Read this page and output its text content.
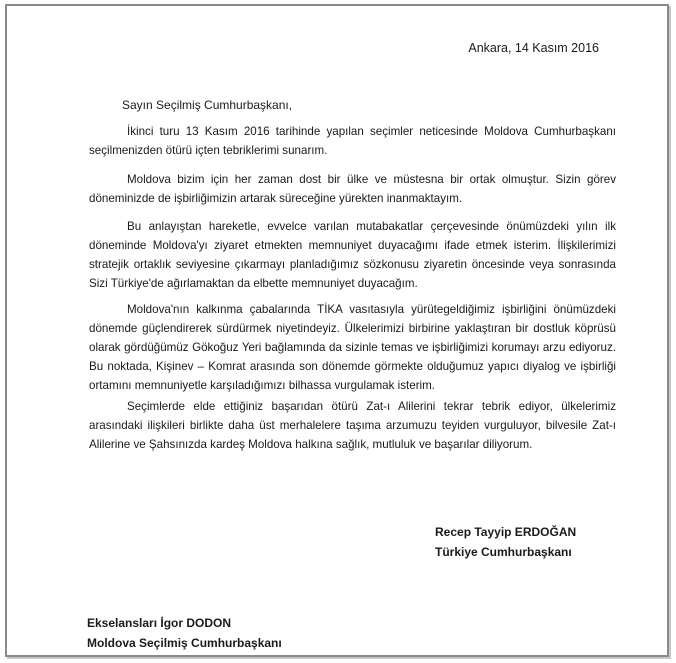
Ankara, 14 Kasım 2016
Sayın Seçilmiş Cumhurbaşkanı,

İkinci turu 13 Kasım 2016 tarihinde yapılan seçimler neticesinde Moldova Cumhurbaşkanı seçilmenizden ötürü içten tebriklerimi sunarım.

Moldova bizim için her zaman dost bir ülke ve müstesna bir ortak olmuştur. Sizin görev döneminizde de işbirliğimizin artarak süreceğine yürekten inanmaktayım.

Bu anlayıştan hareketle, evvelce varılan mutabakatlar çerçevesinde önümüzdeki yılın ilk döneminde Moldova'yı ziyaret etmekten memnuniyet duyacağımı ifade etmek isterim. İlişkilerimizi stratejik ortaklık seviyesine çıkarmayı planladığımız sözkonusu ziyaretin öncesinde veya sonrasında Sizi Türkiye'de ağırlamaktan da elbette memnuniyet duyacağım.

Moldova'nın kalkınma çabalarında TİKA vasıtasıyla yürütegeldiğimiz işbirliğini önümüzdeki dönemde güçlendirerek sürdürmek niyetindeyiz. Ülkelerimizi birbirine yaklaştıran bir dostluk köprüsü olarak gördüğümüz Gökoğuz Yeri bağlamında da sizinle temas ve işbirliğimizi korumayı arzu ediyoruz. Bu noktada, Kişinev – Komrat arasında son dönemde görmekte olduğumuz yapıcı diyalog ve işbirliği ortamını memnuniyetle karşıladığımızı bilhassa vurgulamak isterim.

Seçimlerde elde ettiğiniz başarıdan ötürü Zat-ı Alilerini tekrar tebrik ediyor, ülkelerimiz arasındaki ilişkileri birlikte daha üst merhalelere taşıma arzumuzu teyiden vurguluyor, bilvesile Zat-ı Alilerine ve Şahsınızda kardeş Moldova halkına sağlık, mutluluk ve başarılar diliyorum.

Recep Tayyip ERDOĞAN
Türkiye Cumhurbaşkanı
Ekselansları İgor DODON
Moldova Seçilmiş Cumhurbaşkanı
